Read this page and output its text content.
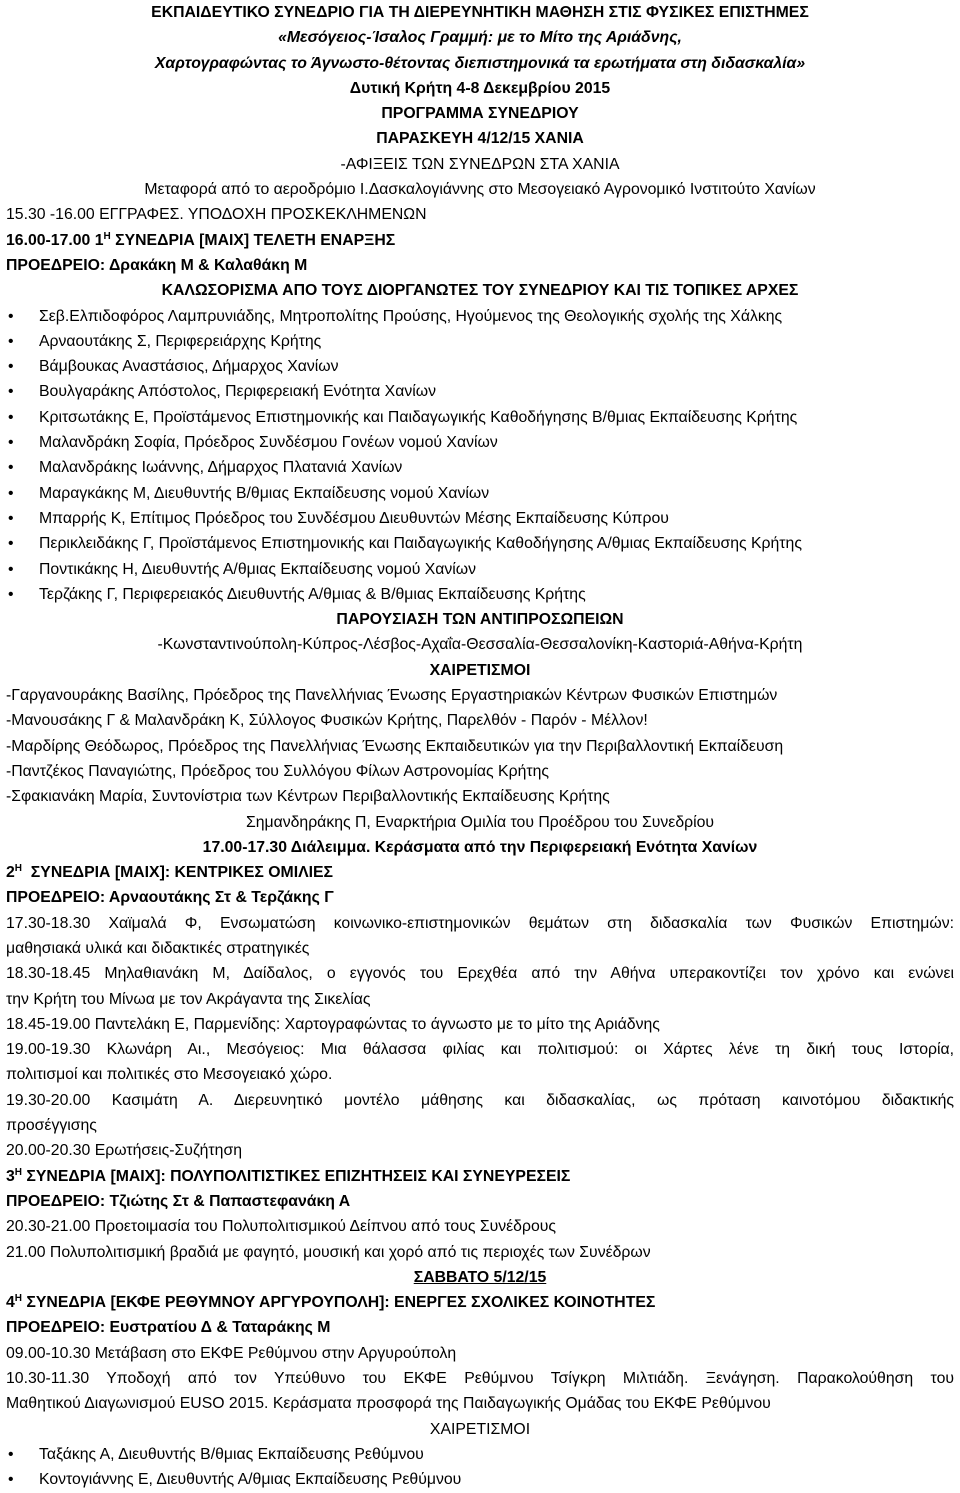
ΕΚΠΑΙΔΕΥΤΙΚΟ ΣΥΝΕΔΡΙΟ ΓΙΑ ΤΗ ΔΙΕΡΕΥΝΗΤΙΚΗ ΜΑΘΗΣΗ ΣΤΙΣ ΦΥΣΙΚΕΣ ΕΠΙΣΤΗΜΕΣ
«Μεσόγειος-Ίσαλος Γραμμή: με το Μίτο της Αριάδνης,
Χαρτογραφώντας το Άγνωστο-θέτοντας διεπιστημονικά τα ερωτήματα στη διδασκαλία»
Δυτική Κρήτη 4-8 Δεκεμβρίου 2015
ΠΡΟΓΡΑΜΜΑ ΣΥΝΕΔΡΙΟΥ
ΠΑΡΑΣΚΕΥΗ 4/12/15 ΧΑΝΙΑ
-ΑΦΙΞΕΙΣ ΤΩΝ ΣΥΝΕΔΡΩΝ ΣΤΑ ΧΑΝΙΑ
Μεταφορά από το αεροδρόμιο Ι.Δασκαλογιάννης στο Μεσογειακό Αγρονομικό Ινστιτούτο Χανίων
15.30 -16.00 ΕΓΓΡΑΦΕΣ. ΥΠΟΔΟΧΗ ΠΡΟΣΚΕΚΛΗΜΕΝΩΝ
16.00-17.00 $1^H$ ΣΥΝΕΔΡΙΑ [ΜΑΙΧ] ΤΕΛΕΤΗ ΕΝΑΡΞΗΣ
ΠΡΟΕΔΡΕΙΟ: Δρακάκη Μ & Καλαθάκη Μ
ΚΑΛΩΣΟΡΙΣΜΑ ΑΠΟ ΤΟΥΣ ΔΙΟΡΓΑΝΩΤΕΣ ΤΟΥ ΣΥΝΕΔΡΙΟΥ ΚΑΙ ΤΙΣ ΤΟΠΙΚΕΣ ΑΡΧΕΣ
• Σεβ.Ελπιδοφόρος Λαμπρυνιάδης, Μητροπολίτης Προύσης, Ηγούμενος της Θεολογικής σχολής της Χάλκης
• Αρναουτάκης Σ, Περιφερειάρχης Κρήτης
• Βάμβουκας Αναστάσιος, Δήμαρχος Χανίων
• Βουλγαράκης Απόστολος, Περιφερειακή Ενότητα Χανίων
• Κριτσωτάκης Ε, Προϊστάμενος Επιστημονικής και Παιδαγωγικής Καθοδήγησης Β/θμιας Εκπαίδευσης Κρήτης
• Μαλανδράκη Σοφία, Πρόεδρος Συνδέσμου Γονέων νομού Χανίων
• Μαλανδράκης Ιωάννης, Δήμαρχος Πλατανιά Χανίων
• Μαραγκάκης Μ, Διευθυντής Β/θμιας Εκπαίδευσης νομού Χανίων
• Μπαρρής Κ, Επίτιμος Πρόεδρος του Συνδέσμου Διευθυντών Μέσης Εκπαίδευσης Κύπρου
• Περικλειδάκης Γ, Προϊστάμενος Επιστημονικής και Παιδαγωγικής Καθοδήγησης Α/θμιας Εκπαίδευσης Κρήτης
• Ποντικάκης Η, Διευθυντής Α/θμιας Εκπαίδευσης νομού Χανίων
• Τερζάκης Γ, Περιφερειακός Διευθυντής Α/θμιας & Β/θμιας Εκπαίδευσης Κρήτης
ΠΑΡΟΥΣΙΑΣΗ ΤΩΝ ΑΝΤΙΠΡΟΣΩΠΕΙΩΝ
-Κωνσταντινούπολη-Κύπρος-Λέσβος-Αχαΐα-Θεσσαλία-Θεσσαλονίκη-Καστοριά-Αθήνα-Κρήτη
ΧΑΙΡΕΤΙΣΜΟΙ
-Γαργανουράκης Βασίλης, Πρόεδρος της Πανελλήνιας Ένωσης Εργαστηριακών Κέντρων Φυσικών Επιστημών
-Μανουσάκης Γ & Μαλανδράκη Κ, Σύλλογος Φυσικών Κρήτης, Παρελθόν - Παρόν - Μέλλον!
-Μαρδίρης Θεόδωρος, Πρόεδρος της Πανελλήνιας Ένωσης Εκπαιδευτικών για την Περιβαλλοντική Εκπαίδευση
-Παντζέκος Παναγιώτης, Πρόεδρος του Συλλόγου Φίλων Αστρονομίας Κρήτης
-Σφακιανάκη Μαρία, Συντονίστρια των Κέντρων Περιβαλλοντικής Εκπαίδευσης Κρήτης
Σημανδηράκης Π, Εναρκτήρια Ομιλία του Προέδρου του Συνεδρίου
17.00-17.30 Διάλειμμα. Κεράσματα από την Περιφερειακή Ενότητα Χανίων
$2^H$  ΣΥΝΕΔΡΙΑ [ΜΑΙΧ]: ΚΕΝΤΡΙΚΕΣ ΟΜΙΛΙΕΣ
ΠΡΟΕΔΡΕΙΟ: Αρναουτάκης Στ & Τερζάκης Γ
17.30-18.30 Χαϊμαλά Φ, Ενσωματώσ​η κοινωνικο-επιστημονικών θεμάτων στη διδασκαλία των Φυσικών Επιστημών:
μαθησιακά υλικά και διδακτικές στρατηγικές
18.30-18.45 Μηλαθιανάκη Μ, Δαίδαλος, ο εγγονός του Ερεχθέα από την Αθήνα υπερακοντίζει τον χρόνο και ενώνει
την Κρήτη του Μίνωα με τον Ακράγαντα της Σικελίας
18.45-19.00 Παντελάκη Ε, Παρμενίδης: Χαρτογραφώντας το άγνωστο με το μίτο της Αριάδνης
19.00-19.30 Κλωνάρη Αι., Μεσόγειος: Μια θάλασσα φιλίας και πολιτισμού: οι Χάρτες λένε τη δική τους Ιστορία,
πολιτισμοί και πολιτικές στο Μεσογειακό χώρο.
19.30-20.00 Κασιμάτη Α. Διερευνητικό μοντέλο μάθησης και διδασκαλίας, ως πρόταση καινοτόμου διδακτικής
προσέγγισης
20.00-20.30 Ερωτήσεις-Συζήτηση
$3^H$ ΣΥΝΕΔΡΙΑ [ΜΑΙΧ]: ΠΟΛΥΠΟΛΙΤΙΣΤΙΚΕΣ ΕΠΙΖΗΤΗΣΕΙΣ ΚΑΙ ΣΥΝΕΥΡΕΣΕΙΣ
ΠΡΟΕΔΡΕΙΟ: Τζιώτης Στ & Παπαστεφανάκη Α
20.30-21.00 Προετοιμασία του Πολυπολιτισμικού Δείπνου από τους Συνέδρους
21.00 Πολυπολιτισμική βραδιά με φαγητό, μουσική και χορό από τις περιοχές των Συνέδρων
ΣΑΒΒΑΤΟ 5/12/15
$4^H$ ΣΥΝΕΔΡΙΑ [ΕΚΦΕ ΡΕΘΥΜΝΟΥ ΑΡΓΥΡΟΥΠΟΛΗ]: ΕΝΕΡΓΕΣ ΣΧΟΛΙΚΕΣ ΚΟΙΝΟΤΗΤΕΣ
ΠΡΟΕΔΡΕΙΟ: Ευστρατίου Δ & Ταταράκης Μ
09.00-10.30 Μετάβαση στο ΕΚΦΕ Ρεθύμνου στην Αργυρούπολη
10.30-11.30 Υποδοχή από τον Υπεύθυνο του ΕΚΦΕ Ρεθύμνου Τσίγκρη Μιλτιάδη. Ξενάγηση. Παρακολούθηση του
Μαθητικού Διαγωνισμού EUSO 2015. Κεράσματα προσφορά της Παιδαγωγικής Ομάδας του ΕΚΦΕ Ρεθύμνου
ΧΑΙΡΕΤΙΣΜΟΙ
• Ταξάκης Α, Διευθυντής Β/θμιας Εκπαίδευσης Ρεθύμνου
• Κοντογιάννης Ε, Διευθυντής Α/θμιας Εκπαίδευσης Ρεθύμνου
